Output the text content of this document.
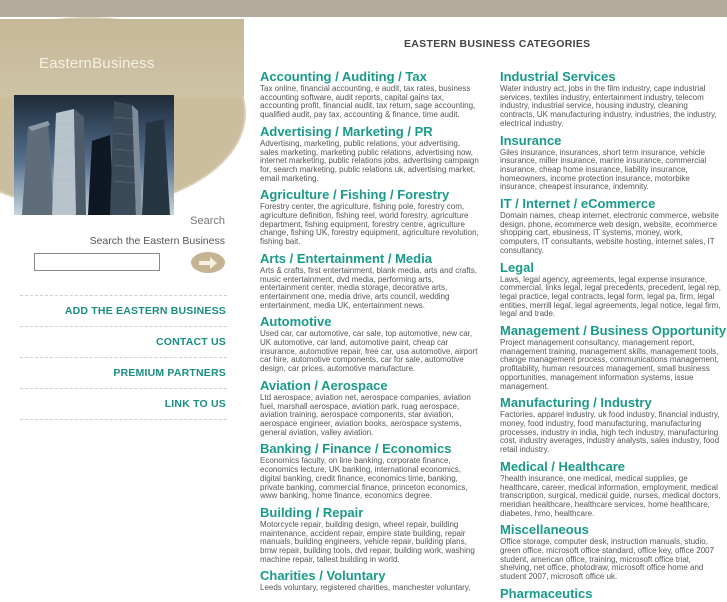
EasternBusiness
Search
Search the Eastern Business
ADD THE EASTERN BUSINESS
CONTACT US
PREMIUM PARTNERS
LINK TO US
EASTERN BUSINESS CATEGORIES
Accounting / Auditing / Tax
Tax online, financial accounting, e audit, tax rates, business accounting software, audit reports, capital gains tax, accounting profit, financial audit, tax return, sage accounting, qualified audit, pay tax, accounting & finance, time audit.
Advertising / Marketing / PR
Advertising, marketing, public relations, your advertising, sales marketing, marketing public relations, advertising now, internet marketing, public relations jobs, advertising campaign for, search marketing, public relations uk, advertising market, email marketing.
Agriculture / Fishing / Forestry
Forestry center, the agriculture, fishing pole, forestry com, agriculture definition, fishing reel, world forestry, agriculture department, fishing equipment, forestry centre, agriculture change, fishing UK, forestry equipment, agriculture revolution, fishing bait.
Arts / Entertainment / Media
Arts & crafts, first entertainment, blank media, arts and crafts, music entertainment, dvd media, performing arts, entertainment center, media storage, decorative arts, entertainment one, media drive, arts council, wedding entertainment, media UK, entertainment news.
Automotive
Used car, car automotive, car sale, top automotive, new car, UK automotive, car land, automotive paint, cheap car insurance, automotive repair, free car, usa automotive, airport car hire, automotive components, car for sale, automotive design, car prices, automotive manufacture.
Aviation / Aerospace
Ltd aerospace, aviation net, aerospace companies, aviation fuel, marshall aerospace, aviation park, ruag aerospace, aviation training, aerospace components, star aviation, aerospace engineer, aviation books, aerospace systems, general aviation, valley aviation.
Banking / Finance / Economics
Economics faculty, on line banking, corporate finance, economics lecture, UK banking, international economics, digital banking, credit finance, economics time, banking, private banking, commercial finance, princeton economics, www banking, home finance, economics degree.
Building / Repair
Motorcycle repair, building design, wheel repair, building maintenance, accident repair, empire state building, repair manuals, building engineers, vehicle repair, building plans, bmw repair, building tools, dvd repair, building work, washing machine repair, tallest building in world.
Charities / Voluntary
Leeds voluntary, registered charities, manchester voluntary,
Industrial Services
Water industry act, jobs in the film industry, cape industrial services, textiles industry, entertainment industry, telecom industry, industrial service, housing industry, cleaning contracts, UK manufacturing industry, industries, the industry, electrical industry.
Insurance
Giles insurance, insurances, short term insurance, vehicle insurance, miller insurance, marine insurance, commercial insurance, cheap home insurance, liability insurance, homeowners, income protection insurance, motorbike insurance, cheapest insurance, indemnity.
IT / Internet / eCommerce
Domain names, cheap internet, electronic commerce, website design, phone, ecommerce web design, website, ecommerce shopping cart, ebusiness, IT systems, money, work, computers, IT consultants, website hosting, internet sales, IT consultancy.
Legal
Laws, legal agency, agreements, legal expense insurance, commercial, links legal, legal precedents, precedent, legal rep, legal practice, legal contracts, legal form, legal pa, firm, legal entities, merrill legal, legal agreements, legal notice, legal firm, legal and trade.
Management / Business Opportunity
Project management consultancy, management report, management training, management skills, management tools, change management process, communications management, profitability, human resources management, small business opportunities, management information systems, issue management.
Manufacturing / Industry
Factories, apparel industry, uk food industry, financial industry, money, food industry, food manufacturing, manufacturing processes, industry in india, high tech industry, manufacturing cost, industry averages, industry analysts, sales industry, food retail industry.
Medical / Healthcare
?health insurance, one medical, medical supplies, ge healthcare, career, medical information, employment, medical transcription, surgical, medical guide, nurses, medical doctors, meridian healthcare, healthcare services, home healthcare, diabetes, hmo, healthcare.
Miscellaneous
Office storage, computer desk, instruction manuals, studio, green office, microsoft office standard, office key, office 2007 student, american office, training, microsoft office trial, shelving, net office, photodraw, microsoft office home and student 2007, microsoft office uk.
Pharmaceutics
